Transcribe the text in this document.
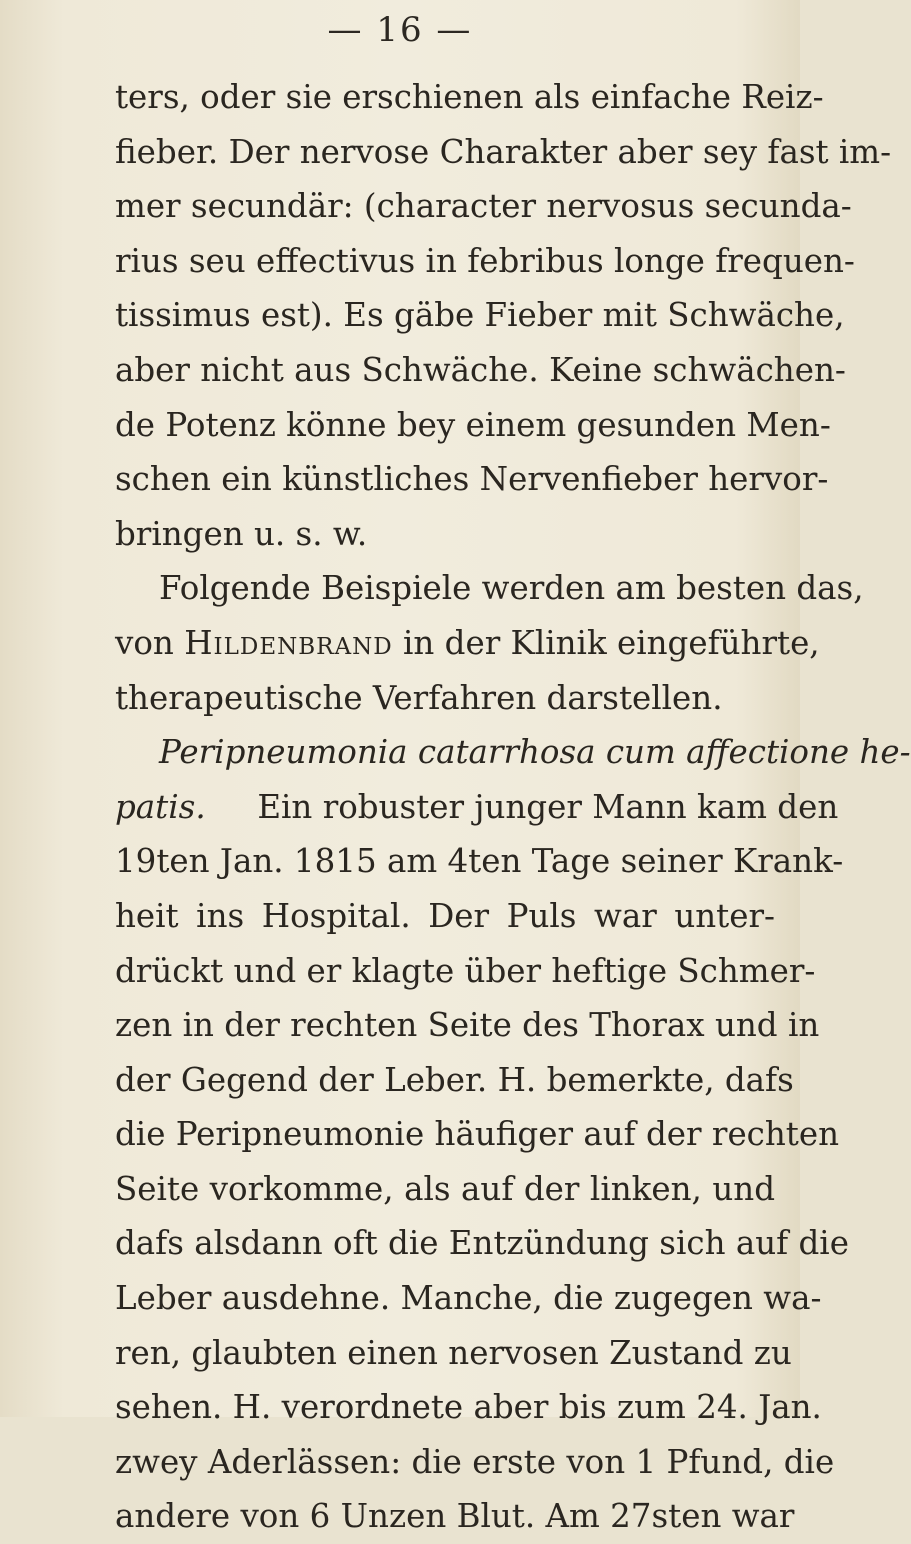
— 16 —
ters, oder sie erschienen als einfache Reiz-
fieber. Der nervose Charakter aber sey fast im-
mer secundär: (character nervosus secunda-
rius seu effectivus in febribus longe frequen-
tissimus est). Es gäbe Fieber mit Schwäche,
aber nicht aus Schwäche. Keine schwächen-
de Potenz könne bey einem gesunden Men-
schen ein künstliches Nervenfieber hervor-
bringen u. s. w.
Folgende Beispiele werden am besten das,
von Hildenbrand in der Klinik eingeführte,
therapeutische Verfahren darstellen.
Peripneumonia catarrhosa cum affectione he-
patis. Ein robuster junger Mann kam den
19ten Jan. 1815 am 4ten Tage seiner Krank-
heit ins Hospital. Der Puls war unter-
drückt und er klagte über heftige Schmer-
zen in der rechten Seite des Thorax und in
der Gegend der Leber. H. bemerkte, dafs
die Peripneumonie häufiger auf der rechten
Seite vorkomme, als auf der linken, und
dafs alsdann oft die Entzündung sich auf die
Leber ausdehne. Manche, die zugegen wa-
ren, glaubten einen nervosen Zustand zu
sehen. H. verordnete aber bis zum 24. Jan.
zwey Aderlässen: die erste von 1 Pfund, die
andere von 6 Unzen Blut. Am 27sten war
